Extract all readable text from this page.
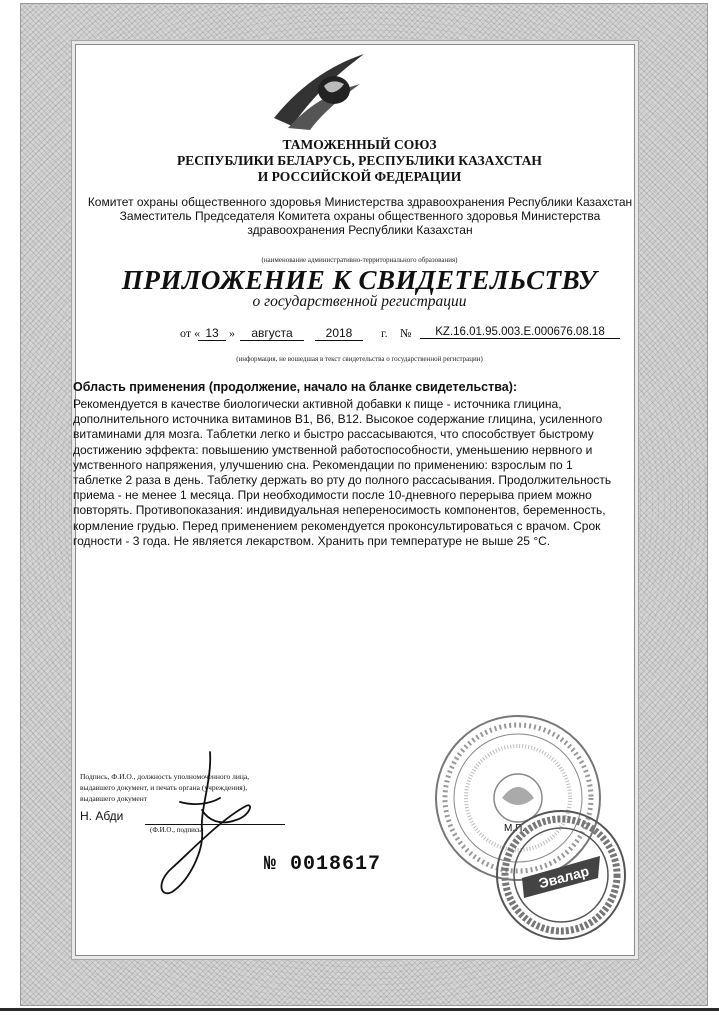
ТАМОЖЕННЫЙ СОЮЗ
РЕСПУБЛИКИ БЕЛАРУСЬ, РЕСПУБЛИКИ КАЗАХСТАН
И РОССИЙСКОЙ ФЕДЕРАЦИИ
Комитет охраны общественного здоровья Министерства здравоохранения Республики Казахстан
Заместитель Председателя Комитета охраны общественного здоровья Министерства
здравоохранения Республики Казахстан
(наименование административно-территориального образования)
ПРИЛОЖЕНИЕ К СВИДЕТЕЛЬСТВУ
о государственной регистрации
от « 13 »	августа	2018	г. №	KZ.16.01.95.003.E.000676.08.18
(информация, не вошедшая в текст свидетельства о государственной регистрации)
Область применения (продолжение, начало на бланке свидетельства):
Рекомендуется в качестве биологически активной добавки к пище - источника глицина,
дополнительного источника витаминов В1, В6, В12. Высокое содержание глицина, усиленного
витаминами для мозга. Таблетки легко и быстро рассасываются, что способствует быстрому
достижению эффекта: повышению умственной работоспособности, уменьшению нервного и
умственного напряжения, улучшению сна. Рекомендации по применению: взрослым по 1
таблетке 2 раза в день. Таблетку держать во рту до полного рассасывания. Продолжительность
приема - не менее 1 месяца. При необходимости после 10-дневного перерыва прием можно
повторять. Противопоказания: индивидуальная непереносимость компонентов, беременность,
кормление грудью. Перед применением рекомендуется проконсультироваться с врачом. Срок
годности - 3 года. Не является лекарством. Хранить при температуре не выше 25 °С.
М.П.
Эвалар
Подпись, Ф.И.О., должность уполномоченного лица,
выдавшего документ, и печать органа (учреждения),
выдавшего документ
Н. Абди
(Ф.И.О., подпись)
№ 0018617
